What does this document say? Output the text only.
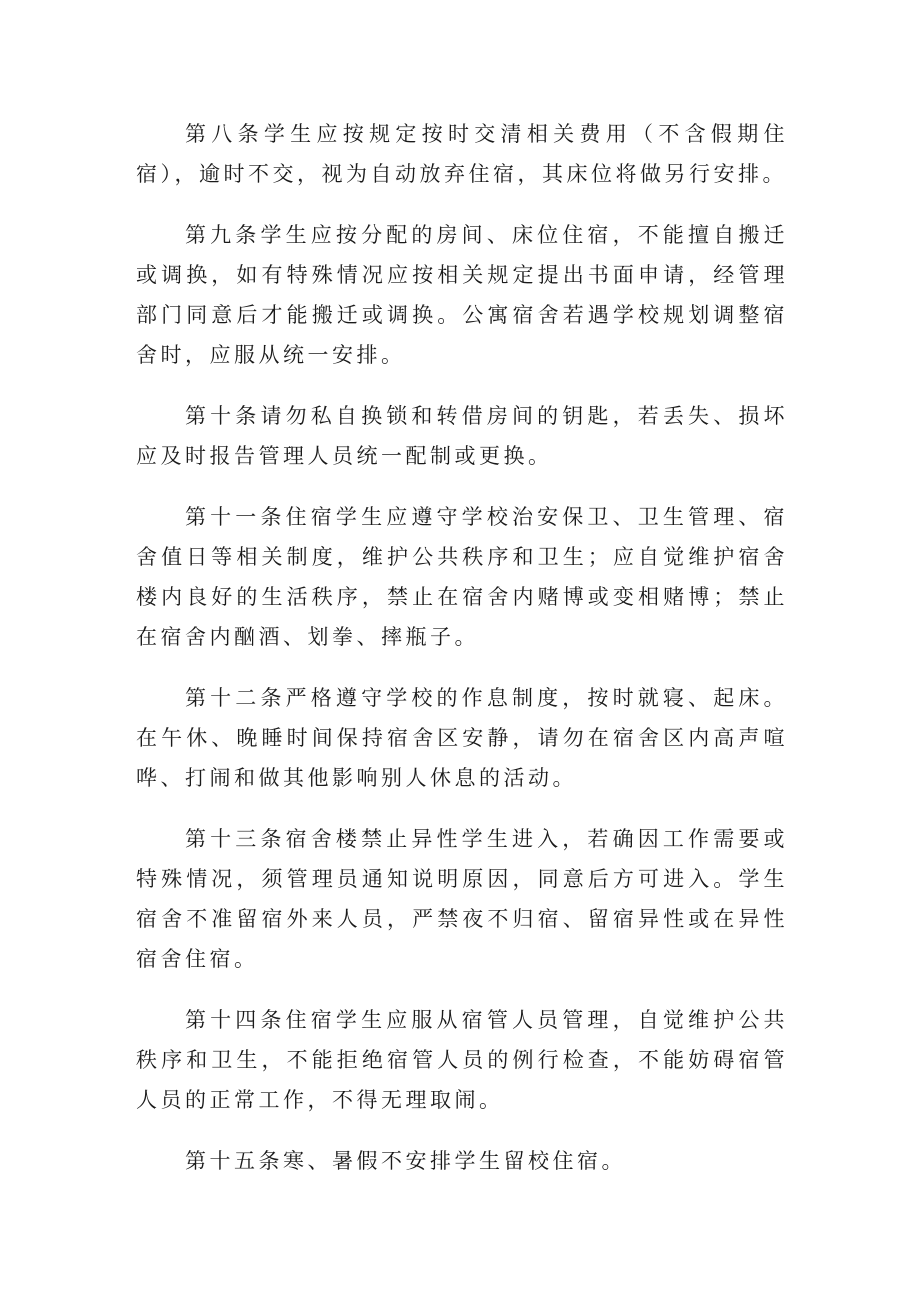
第八条学生应按规定按时交清相关费用（不含假期住宿），逾时不交，视为自动放弃住宿，其床位将做另行安排。

第九条学生应按分配的房间、床位住宿，不能擅自搬迁或调换，如有特殊情况应按相关规定提出书面申请，经管理部门同意后才能搬迁或调换。公寓宿舍若遇学校规划调整宿舍时，应服从统一安排。

第十条请勿私自换锁和转借房间的钥匙，若丢失、损坏应及时报告管理人员统一配制或更换。

第十一条住宿学生应遵守学校治安保卫、卫生管理、宿舍值日等相关制度，维护公共秩序和卫生；应自觉维护宿舍楼内良好的生活秩序，禁止在宿舍内赌博或变相赌博；禁止在宿舍内酗酒、划拳、摔瓶子。

第十二条严格遵守学校的作息制度，按时就寝、起床。在午休、晚睡时间保持宿舍区安静，请勿在宿舍区内高声喧哗、打闹和做其他影响别人休息的活动。

第十三条宿舍楼禁止异性学生进入，若确因工作需要或特殊情况，须管理员通知说明原因，同意后方可进入。学生宿舍不准留宿外来人员，严禁夜不归宿、留宿异性或在异性宿舍住宿。

第十四条住宿学生应服从宿管人员管理，自觉维护公共秩序和卫生，不能拒绝宿管人员的例行检查，不能妨碍宿管人员的正常工作，不得无理取闹。

第十五条寒、暑假不安排学生留校住宿。
